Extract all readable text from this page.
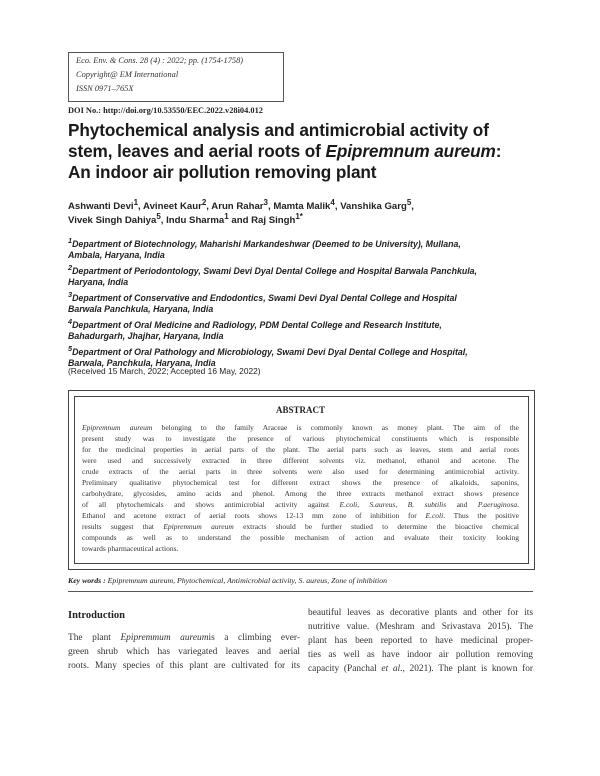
Eco. Env. & Cons. 28 (4) : 2022; pp. (1754-1758)
Copyright@ EM International
ISSN 0971–765X
DOI No.: http://doi.org/10.53550/EEC.2022.v28i04.012
Phytochemical analysis and antimicrobial activity of
stem, leaves and aerial roots of Epipremnum aureum:
An indoor air pollution removing plant
Ashwanti Devi$^1$, Avineet Kaur$^2$, Arun Rahar$^3$, Mamta Malik$^4$, Vanshika Garg$^5$,
Vivek Singh Dahiya$^5$, Indu Sharma$^1$ and Raj Singh$^{1*}$
$^1$Department of Biotechnology, Maharishi Markandeshwar (Deemed to be University), Mullana,
Ambala, Haryana, India
$^2$Department of Periodontology, Swami Devi Dyal Dental College and Hospital Barwala Panchkula,
Haryana, India
$^3$Department of Conservative and Endodontics, Swami Devi Dyal Dental College and Hospital
Barwala Panchkula, Haryana, India
$^4$Department of Oral Medicine and Radiology, PDM Dental College and Research Institute,
Bahadurgarh, Jhajhar, Haryana, India
$^5$Department of Oral Pathology and Microbiology, Swami Devi Dyal Dental College and Hospital,
Barwala, Panchkula, Haryana, India
(Received 15 March, 2022; Accepted 16 May, 2022)
ABSTRACT
Epipremnum aureum belonging to the family Araceae is commonly known as money plant. The aim of the
present study was to investigate the presence of various phytochemical constituents which is responsible
for the medicinal properties in aerial parts of the plant. The aerial parts such as leaves, stem and aerial roots
were used and successively extracted in three different solvents viz. methanol, ethanol and acetone. The
crude extracts of the aerial parts in three solvents were also used for determining antimicrobial activity.
Preliminary qualitative phytochemical test for different extract shows the presence of alkaloids, saponins,
carbohydrate, glycosides, amino acids and phenol. Among the three extracts methanol extract shows presence
of all phytochemicals and shows antimicrobial activity against E.coli, S.aureus, B. subtilis and P.aeruginosa.
Ethanol and acetone extract of aerial roots shows 12-13 mm zone of inhibition for E.coli. Thus the positive
results suggest that Epipremnum aureum extracts should be further studied to determine the bioactive chemical
compounds as well as to understand the possible mechanism of action and evaluate their toxicity looking
towards pharmaceutical actions.
Key words : Epipremnum aureum, Phytochemical, Antimicrobial activity, S. aureus, Zone of inhibition
Introduction
The plant Epipremmum aureumis a climbing ever-
green shrub which has variegated leaves and aerial
roots. Many species of this plant are cultivated for its
beautiful leaves as decorative plants and other for its
nutritive value. (Meshram and Srivastava 2015). The
plant has been reported to have medicinal proper-
ties as well as have indoor air pollution removing
capacity (Panchal et al., 2021). The plant is known for
